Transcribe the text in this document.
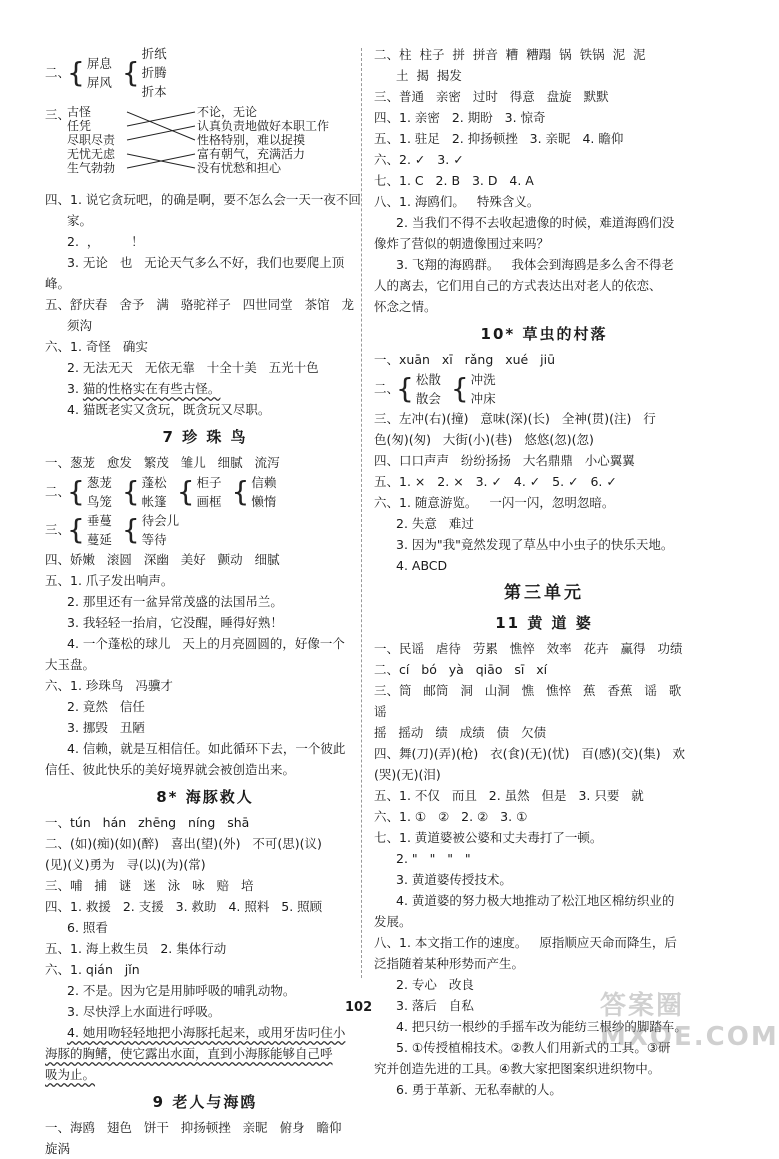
二、
{ 屏息
屏风 {
折纸
折腾
折本
三、
古怪
任凭
尽职尽责
无忧无虑
生气勃勃
不论，无论
认真负责地做好本职工作
性格特别，难以捉摸
富有朝气，充满活力
没有忧愁和担心
四、1. 说它贪玩吧，的确是啊，要不怎么会一天一夜不回
家。
2.  ，        ！
3. 无论   也   无论天气多么不好，我们也要爬上顶
峰。
五、舒庆春   舍予   满   骆驼祥子   四世同堂   茶馆   龙
须沟
六、1. 奇怪   确实
2. 无法无天   无依无靠   十全十美   五光十色
3. 猫的性格实在有些古怪。
4. 猫既老实又贪玩，既贪玩又尽职。
7 珍 珠 鸟
一、葱茏   愈发   繁茂   雏儿   细腻   流泻
二、
{ 葱茏
鸟笼 { 蓬松
帐篷 { 柜子
画框 { 信赖
懒惰
三、
{ 垂蔓
蔓延 { 待会儿
等待
四、娇嫩   滚圆   深幽   美好   颤动   细腻
五、1. 爪子发出响声。
2. 那里还有一盆异常茂盛的法国吊兰。
3. 我轻轻一抬肩，它没醒，睡得好熟！
4. 一个蓬松的球儿   天上的月亮圆圆的，好像一个
大玉盘。
六、1. 珍珠鸟   冯骥才
2. 竟然   信任
3. 挪毁   丑陋
4. 信赖，就是互相信任。如此循环下去，一个彼此
信任、彼此快乐的美好境界就会被创造出来。
8* 海豚救人
一、tún   hán   zhēng   níng   shā
二、(如)(痴)(如)(醉)   喜出(望)(外)   不可(思)(议)
(见)(义)勇为   寻(以)(为)(常)
三、哺   捕   谜   迷   泳   咏   赔   培
四、1. 救援   2. 支援   3. 救助   4. 照料   5. 照顾
6. 照看
五、1. 海上救生员   2. 集体行动
六、1. qián   jǐn
2. 不是。因为它是用肺呼吸的哺乳动物。
3. 尽快浮上水面进行呼吸。
4. 她用吻轻轻地把小海豚托起来，或用牙齿叼住小
海豚的胸鳍，使它露出水面，直到小海豚能够自己呼
吸为止。
9 老人与海鸥
一、海鸥   翅色   饼干   抑扬顿挫   亲昵   俯身   瞻仰
旋涡
二、柱  柱子  拼  拼音  糟  糟蹋  锅  铁锅  泥  泥
土  揭  揭发
三、普通   亲密   过时   得意   盘旋   默默
四、1. 亲密   2. 期盼   3. 惊奇
五、1. 驻足   2. 抑扬顿挫   3. 亲昵   4. 瞻仰
六、2. ✓   3. ✓
七、1. C   2. B   3. D   4. A
八、1. 海鸥们。   特殊含义。
2. 当我们不得不去收起遗像的时候，难道海鸥们没
像炸了营似的朝遗像围过来吗？
3. 飞翔的海鸥群。   我体会到海鸥是多么舍不得老
人的离去，它们用自己的方式表达出对老人的依恋、
怀念之情。
10* 草虫的村落
一、xuān   xī   rǎng   xué   jiū
二、
{ 松散
散会 { 冲洗
冲床
三、左冲(右)(撞)   意味(深)(长)   全神(贯)(注)   行
色(匆)(匆)   大街(小)(巷)   悠悠(忽)(忽)
四、口口声声   纷纷扬扬   大名鼎鼎   小心翼翼
五、1. ×   2. ×   3. ✓   4. ✓   5. ✓   6. ✓
六、1. 随意游览。   一闪一闪，忽明忽暗。
2. 失意   难过
3. 因为"我"竟然发现了草丛中小虫子的快乐天地。
4. ABCD
第三单元
11 黄 道 婆
一、民谣   虐待   劳累   憔悴   效率   花卉   赢得   功绩
二、cí   bó   yà   qiāo   sī   xí
三、筒   邮筒   洞   山洞   憔   憔悴   蕉   香蕉   谣   歌
谣
摇   摇动   绩   成绩   债   欠债
四、舞(刀)(弄)(枪)   衣(食)(无)(忧)   百(感)(交)(集)   欢
(哭)(无)(泪)
五、1. 不仅   而且   2. 虽然   但是   3. 只要   就
六、1. ①   ②   2. ②   3. ①
七、1. 黄道婆被公婆和丈夫毒打了一顿。
2. "   "   "   "
3. 黄道婆传授技术。
4. 黄道婆的努力极大地推动了松江地区棉纺织业的
发展。
八、1. 本文指工作的速度。   原指顺应天命而降生，后
泛指随着某种形势而产生。
2. 专心   改良
3. 落后   自私
4. 把只纺一根纱的手摇车改为能纺三根纱的脚踏车。
5. ①传授植棉技术。②教人们用新式的工具。③研
究并创造先进的工具。④教大家把图案织进织物中。
6. 勇于革新、无私奉献的人。
102	答案圈 MXQE.COM
